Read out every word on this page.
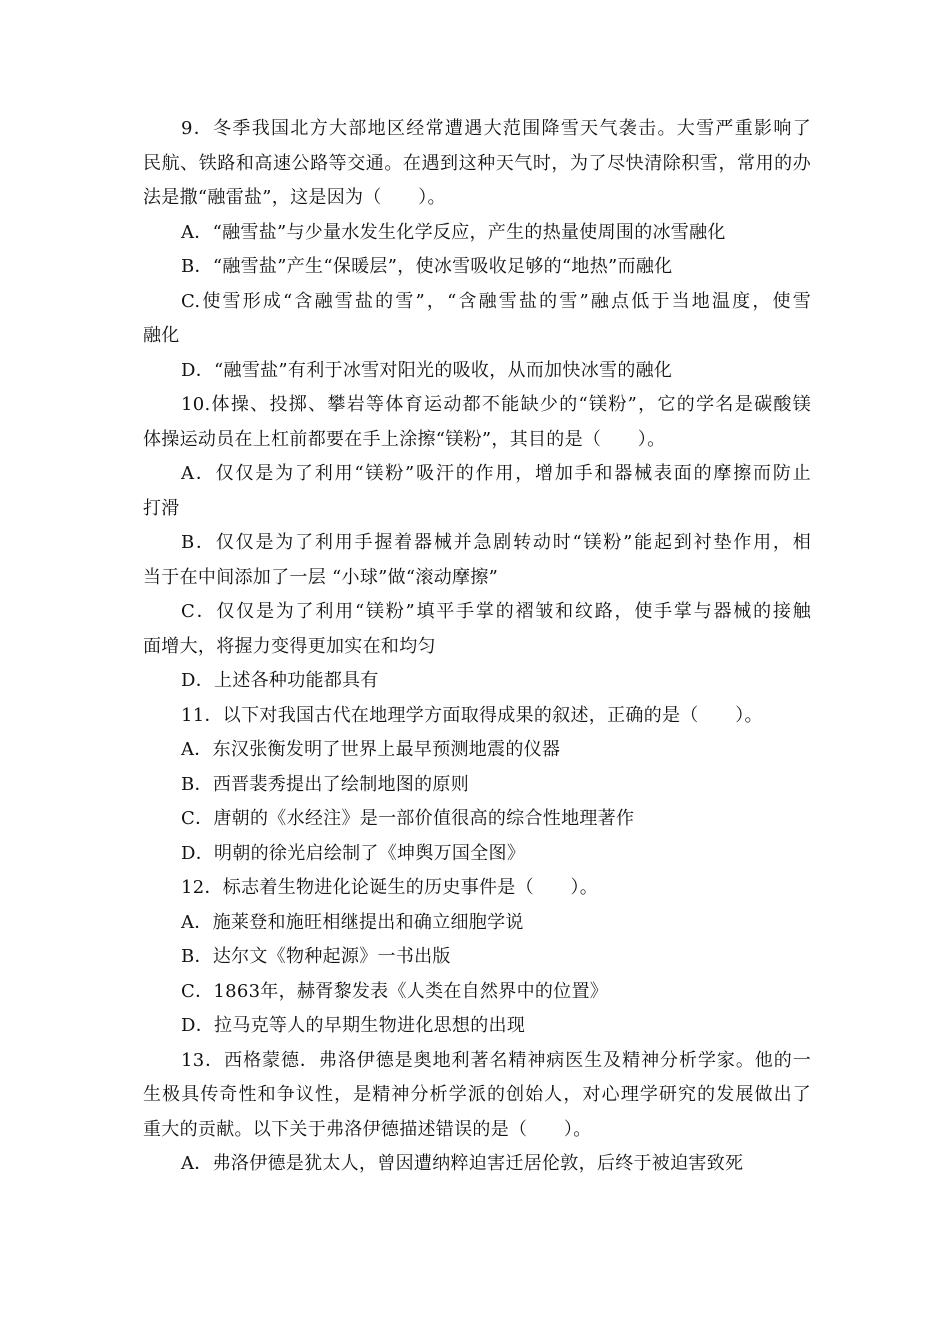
9．冬季我国北方大部地区经常遭遇大范围降雪天气袭击。大雪严重影响了
民航、铁路和高速公路等交通。在遇到这种天气时，为了尽快清除积雪，常用的办
法是撒“融雷盐”，这是因为（　　）。
A．“融雪盐”与少量水发生化学反应，产生的热量使周围的冰雪融化
B．“融雪盐”产生“保暖层”，使冰雪吸收足够的“地热”而融化
C.使雪形成“含融雪盐的雪”，“含融雪盐的雪”融点低于当地温度，使雪
融化
D．“融雪盐”有利于冰雪对阳光的吸收，从而加快冰雪的融化
10.体操、投掷、攀岩等体育运动都不能缺少的“镁粉”，它的学名是碳酸镁
体操运动员在上杠前都要在手上涂擦“镁粉”，其目的是（　　）。
A．仅仅是为了利用“镁粉”吸汗的作用，增加手和器械表面的摩擦而防止
打滑
B．仅仅是为了利用手握着器械并急剧转动时“镁粉”能起到衬垫作用，相
当于在中间添加了一层 “小球”做“滚动摩擦”
C．仅仅是为了利用“镁粉”填平手掌的褶皱和纹路，使手掌与器械的接触
面增大，将握力变得更加实在和均匀
D．上述各种功能都具有
11．以下对我国古代在地理学方面取得成果的叙述，正确的是（　　）。
A．东汉张衡发明了世界上最早预测地震的仪器
B．西晋裴秀提出了绘制地图的原则
C．唐朝的《水经注》是一部价值很高的综合性地理著作
D．明朝的徐光启绘制了《坤舆万国全图》
12．标志着生物进化论诞生的历史事件是（　　）。
A．施莱登和施旺相继提出和确立细胞学说
B．达尔文《物种起源》一书出版
C．1863年，赫胥黎发表《人类在自然界中的位置》
D．拉马克等人的早期生物进化思想的出现
13．西格蒙德．弗洛伊德是奥地利著名精神病医生及精神分析学家。他的一
生极具传奇性和争议性，是精神分析学派的创始人，对心理学研究的发展做出了
重大的贡献。以下关于弗洛伊德描述错误的是（　　）。
A．弗洛伊德是犹太人，曾因遭纳粹迫害迁居伦敦，后终于被迫害致死
